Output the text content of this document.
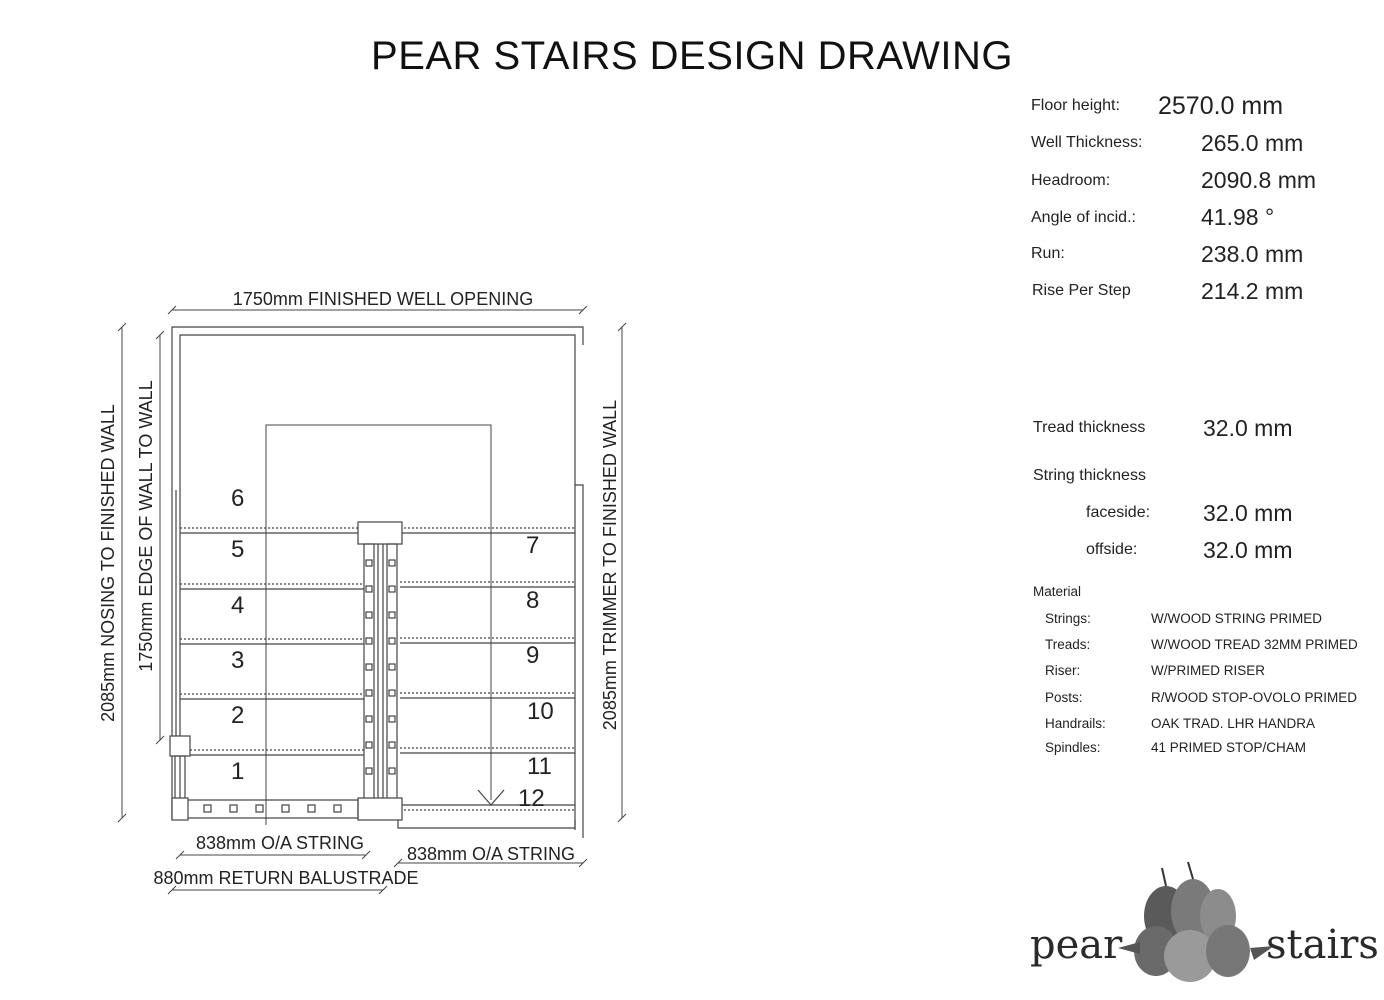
PEAR STAIRS DESIGN DRAWING
Floor height: 2570.0 mm
Well Thickness:	265.0 mm
Headroom:	2090.8 mm
Angle of incid.:	41.98 °
Run:	238.0 mm
Rise Per Step	214.2 mm
Tread thickness	32.0 mm
String thickness
faceside: 32.0 mm
offside:	32.0 mm
Material
Strings:	W/WOOD STRING PRIMED
Treads:	W/WOOD TREAD 32MM PRIMED
Riser:	W/PRIMED RISER
Posts:	R/WOOD STOP-OVOLO PRIMED
Handrails:	OAK TRAD. LHR HANDRA
Spindles:	41 PRIMED STOP/CHAM
1750mm FINISHED WELL OPENING
2085mm NOSING TO FINISHED WALL 1750mm EDGE OF WALL TO WALL	2085mm TRIMMER TO FINISHED WALL
838mm O/A STRING
838mm O/A STRING
880mm RETURN BALUSTRADE
1
2
3
4
5
6
7
8
9
10
11
12
pear	stairs
